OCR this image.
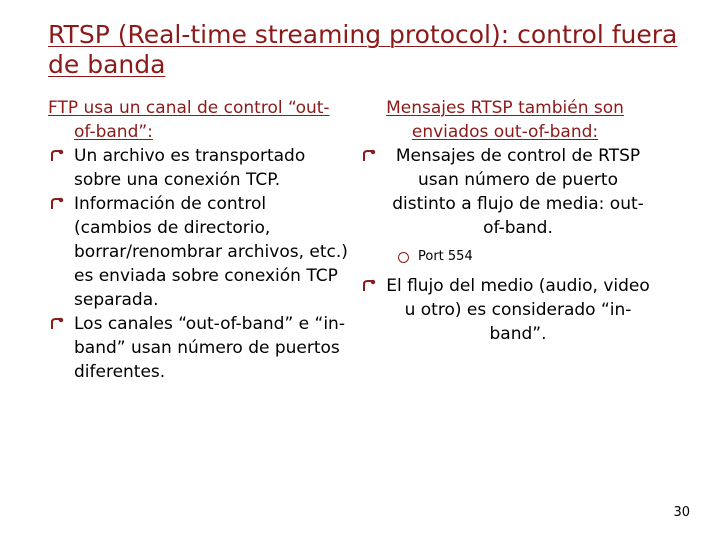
RTSP (Real-time streaming protocol): control fuera de banda
FTP usa un canal de control “out-of-band”:
Un archivo es transportado sobre una conexión TCP.
Información de control (cambios de directorio, borrar/renombrar archivos, etc.) es enviada sobre conexión TCP separada.
Los canales “out-of-band” e “in-band” usan número de puertos diferentes.
Mensajes RTSP también son enviados out-of-band:
Mensajes de control de RTSP usan número de puerto distinto a flujo de media: out-of-band.
Port 554
El flujo del medio (audio, video u otro) es considerado “in-band”.
30
